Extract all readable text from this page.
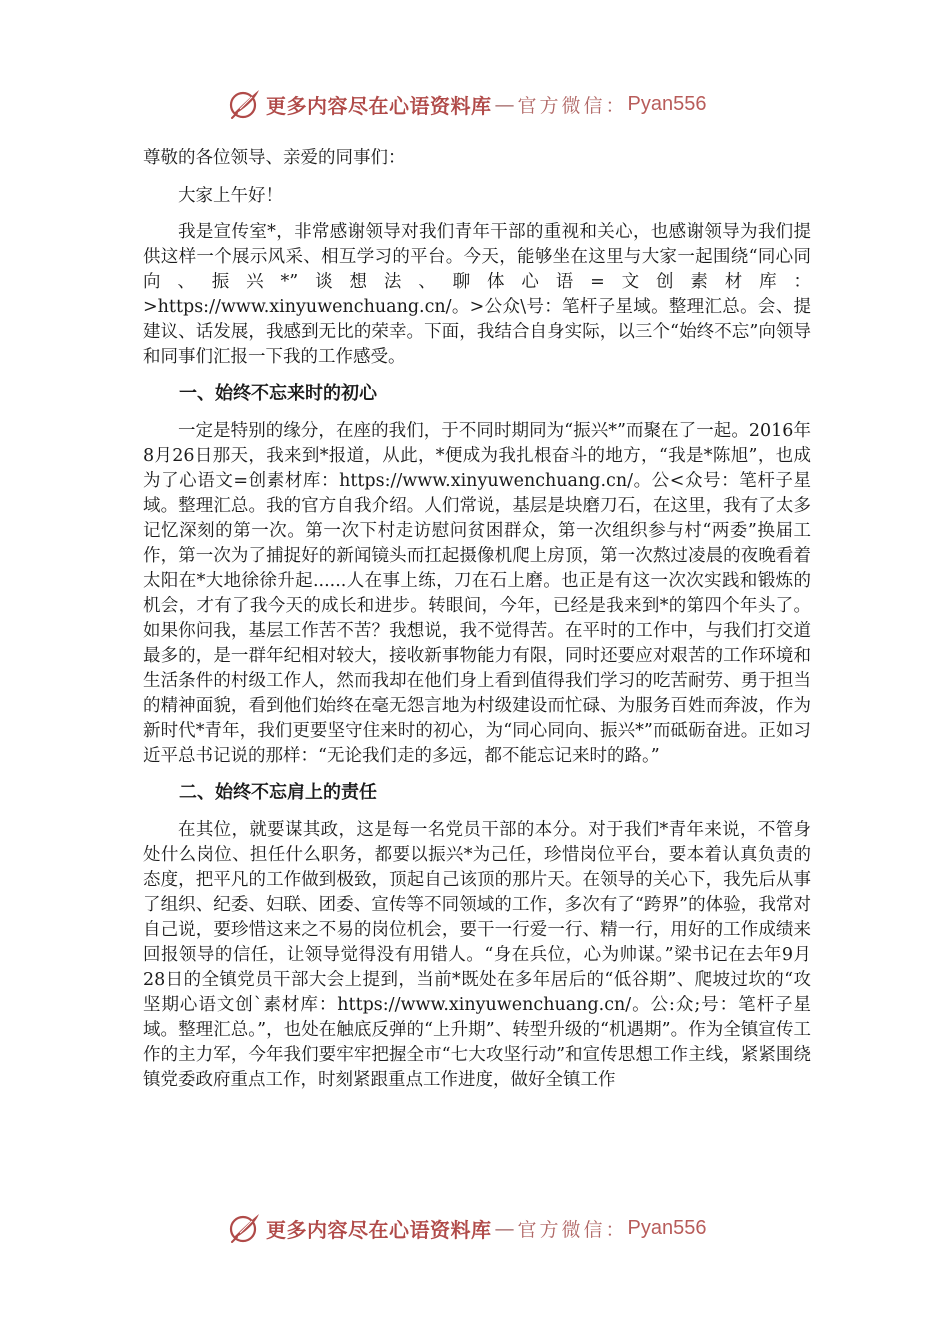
更多内容尽在心语资料库 — 官方微信： Pyan556

尊敬的各位领导、亲爱的同事们：

大家上午好！

我是宣传室*，非常感谢领导对我们青年干部的重视和关心，也感谢领导为我们提供这样一个展示风采、相互学习的平台。今天，能够坐在这里与大家一起围绕“同心同向、振兴*”谈想法、聊体心语=文创素材库：>https://www.xinyuwenchuang.cn/。>公众\号：笔杆子星域。整理汇总。会、提建议、话发展，我感到无比的荣幸。下面，我结合自身实际，以三个“始终不忘”向领导和同事们汇报一下我的工作感受。

一、始终不忘来时的初心

一定是特别的缘分，在座的我们，于不同时期同为“振兴*”而聚在了一起。2016年8月26日那天，我来到*报道，从此，*便成为我扎根奋斗的地方，“我是*陈旭”，也成为了心语文=创素材库：https://www.xinyuwenchuang.cn/。公<众号：笔杆子星域。整理汇总。我的官方自我介绍。人们常说，基层是块磨刀石，在这里，我有了太多记忆深刻的第一次。第一次下村走访慰问贫困群众，第一次组织参与村“两委”换届工作，第一次为了捕捉好的新闻镜头而扛起摄像机爬上房顶，第一次熬过凌晨的夜晚看着太阳在*大地徐徐升起......人在事上练，刀在石上磨。也正是有这一次次实践和锻炼的机会，才有了我今天的成长和进步。转眼间，今年，已经是我来到*的第四个年头了。如果你问我，基层工作苦不苦？我想说，我不觉得苦。在平时的工作中，与我们打交道最多的，是一群年纪相对较大，接收新事物能力有限，同时还要应对艰苦的工作环境和生活条件的村级工作人，然而我却在他们身上看到值得我们学习的吃苦耐劳、勇于担当的精神面貌，看到他们始终在毫无怨言地为村级建设而忙碌、为服务百姓而奔波，作为新时代*青年，我们更要坚守住来时的初心，为“同心同向、振兴*”而砥砺奋进。正如习近平总书记说的那样：“无论我们走的多远，都不能忘记来时的路。”

二、始终不忘肩上的责任

在其位，就要谋其政，这是每一名党员干部的本分。对于我们*青年来说，不管身处什么岗位、担任什么职务，都要以振兴*为己任，珍惜岗位平台，要本着认真负责的态度，把平凡的工作做到极致，顶起自己该顶的那片天。在领导的关心下，我先后从事了组织、纪委、妇联、团委、宣传等不同领域的工作，多次有了“跨界”的体验，我常对自己说，要珍惜这来之不易的岗位机会，要干一行爱一行、精一行，用好的工作成绩来回报领导的信任，让领导觉得没有用错人。“身在兵位，心为帅谋。”梁书记在去年9月28日的全镇党员干部大会上提到，当前*既处在多年居后的“低谷期”、爬坡过坎的“攻坚期心语文创`素材库：https://www.xinyuwenchuang.cn/。公:众;号：笔杆子星域。整理汇总。”，也处在触底反弹的“上升期”、转型升级的“机遇期”。作为全镇宣传工作的主力军，今年我们要牢牢把握全市“七大攻坚行动”和宣传思想工作主线，紧紧围绕镇党委政府重点工作，时刻紧跟重点工作进度，做好全镇工作

更多内容尽在心语资料库 — 官方微信： Pyan556
